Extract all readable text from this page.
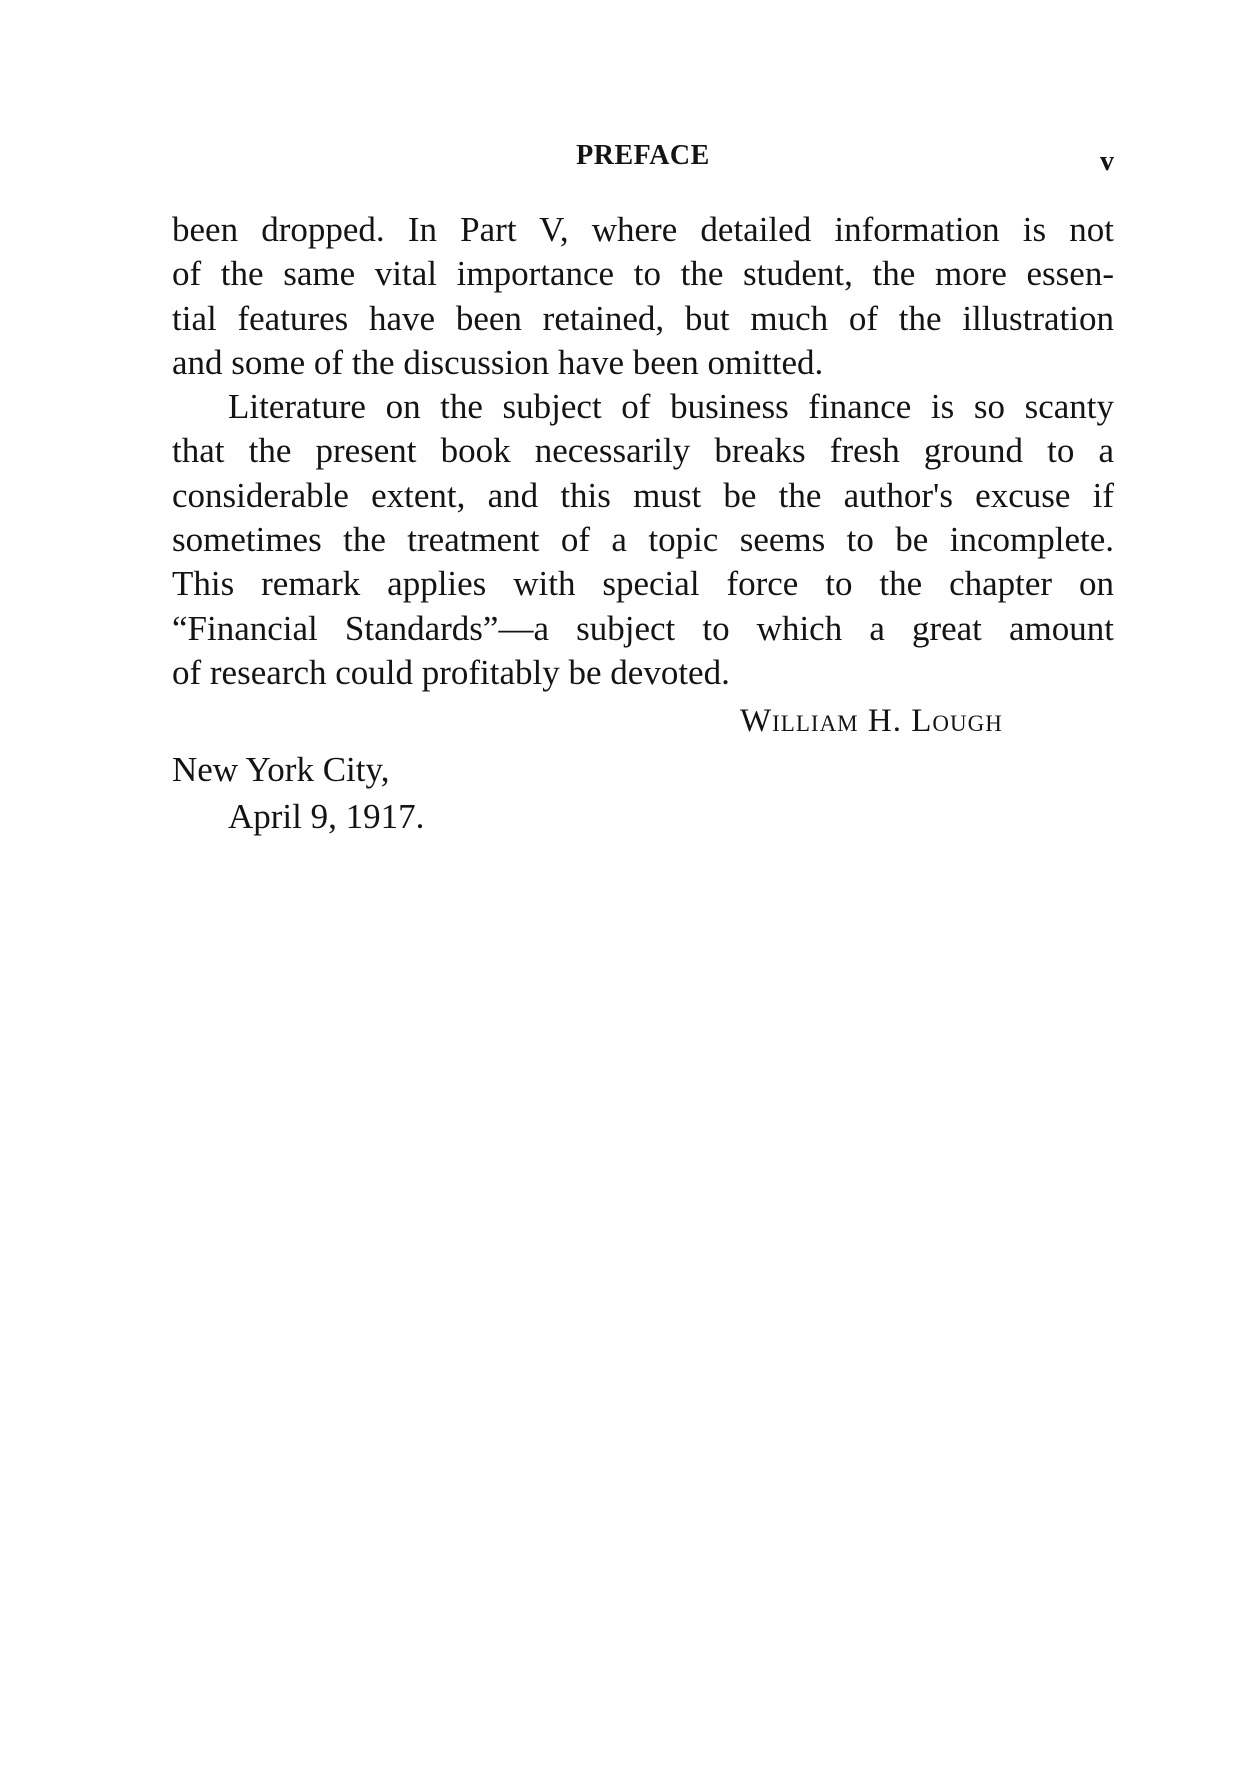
PREFACE	v
been dropped. In Part V, where detailed information is not
of the same vital importance to the student, the more essen-
tial features have been retained, but much of the illustration
and some of the discussion have been omitted.
Literature on the subject of business finance is so scanty
that the present book necessarily breaks fresh ground to a
considerable extent, and this must be the author's excuse if
sometimes the treatment of a topic seems to be incomplete.
This remark applies with special force to the chapter on
“Financial Standards”—a subject to which a great amount
of research could profitably be devoted.
William H. Lough
New York City,
April 9, 1917.
